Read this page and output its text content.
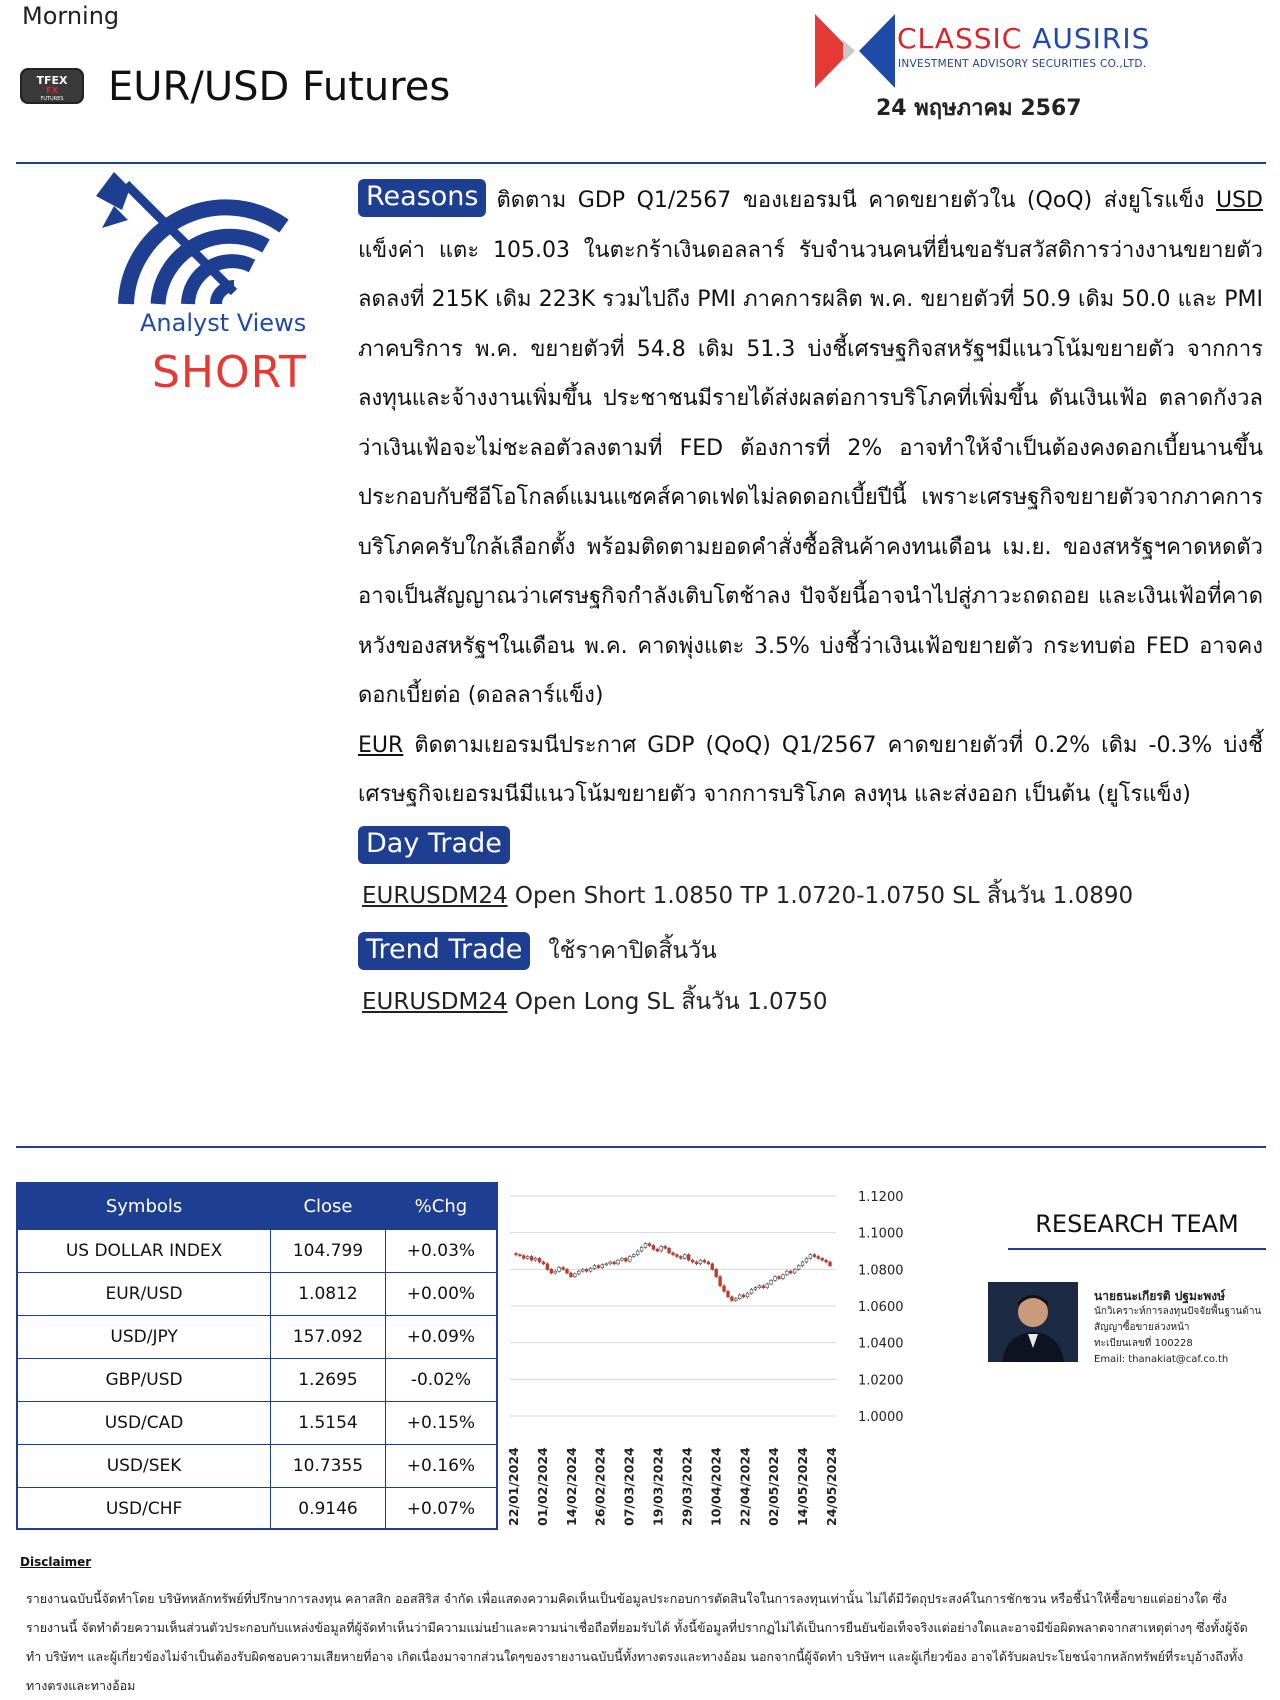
Morning
TFEX
FX
FUTURES EUR/USD Futures
CLASSIC AUSIRIS
INVESTMENT ADVISORY SECURITIES CO.,LTD.
24 พฤษภาคม 2567
Analyst Views
SHORT

Reasons ติดตาม GDP Q1/2567 ของเยอรมนี คาดขยายตัวใน (QoQ) ส่งยูโรแข็ง USD แข็งค่า แตะ 105.03 ในตะกร้าเงินดอลลาร์ รับจำนวนคนที่ยื่นขอรับสวัสดิการว่างงานขยายตัวลดลงที่ 215K เดิม 223K รวมไปถึง PMI ภาคการผลิต พ.ค. ขยายตัวที่ 50.9 เดิม 50.0 และ PMI ภาคบริการ พ.ค. ขยายตัวที่ 54.8 เดิม 51.3 บ่งชี้เศรษฐกิจสหรัฐฯมีแนวโน้มขยายตัว จากการลงทุนและจ้างงานเพิ่มขึ้น ประชาชนมีรายได้ส่งผลต่อการบริโภคที่เพิ่มขึ้น ดันเงินเฟ้อ ตลาดกังวลว่าเงินเฟ้อจะไม่ชะลอตัวลงตามที่ FED ต้องการที่ 2% อาจทำให้จำเป็นต้องคงดอกเบี้ยนานขึ้น ประกอบกับซีอีโอโกลด์แมนแซคส์คาดเฟดไม่ลดดอกเบี้ยปีนี้ เพราะเศรษฐกิจขยายตัวจากภาคการบริโภคครับใกล้เลือกตั้ง พร้อมติดตามยอดคำสั่งซื้อสินค้าคงทนเดือน เม.ย. ของสหรัฐฯคาดหดตัวอาจเป็นสัญญาณว่าเศรษฐกิจกำลังเติบโตช้าลง ปัจจัยนี้อาจนำไปสู่ภาวะถดถอย และเงินเฟ้อที่คาดหวังของสหรัฐฯในเดือน พ.ค. คาดพุ่งแตะ 3.5% บ่งชี้ว่าเงินเฟ้อขยายตัว กระทบต่อ FED อาจคงดอกเบี้ยต่อ (ดอลลาร์แข็ง)

EUR ติดตามเยอรมนีประกาศ GDP (QoQ) Q1/2567 คาดขยายตัวที่ 0.2% เดิม -0.3% บ่งชี้เศรษฐกิจเยอรมนีมีแนวโน้มขยายตัว จากการบริโภค ลงทุน และส่งออก เป็นต้น (ยูโรแข็ง)

Day Trade
EURUSDM24 Open Short 1.0850 TP 1.0720-1.0750 SL สิ้นวัน 1.0890
Trend Trade	ใช้ราคาปิดสิ้นวัน
EURUSDM24 Open Long SL สิ้นวัน 1.0750
Symbols	Close	%Chg
US DOLLAR INDEX	104.799	+0.03%
EUR/USD	1.0812	+0.00%
USD/JPY	157.092	+0.09%
GBP/USD	1.2695	-0.02%
USD/CAD	1.5154	+0.15%
USD/SEK	10.7355	+0.16%
USD/CHF	0.9146	+0.07%
1.1200
1.1000
1.0800
1.0600
1.0400
1.0200
1.0000
22/01/2024 01/02/2024 14/02/2024 26/02/2024 07/03/2024 19/03/2024 29/03/2024 10/04/2024 22/04/2024 02/05/2024 14/05/2024 24/05/2024
RESEARCH TEAM
นายธนะเกียรติ ปฐมะพงษ์
นักวิเคราะห์การลงทุนปัจจัยพื้นฐานด้านสัญญาซื้อขายล่วงหน้า
ทะเบียนเลขที่ 100228
Email: thanakiat@caf.co.th
Disclaimer
รายงานฉบับนี้จัดทำโดย บริษัทหลักทรัพย์ที่ปรึกษาการลงทุน คลาสสิก ออสสิริส จำกัด เพื่อแสดงความคิดเห็นเป็นข้อมูลประกอบการตัดสินใจในการลงทุนเท่านั้น ไม่ได้มีวัตถุประสงค์ในการชักชวน หรือชี้นำให้ซื้อขายแต่อย่างใด ซึ่งรายงานนี้ จัดทำด้วยความเห็นส่วนตัวประกอบกับแหล่งข้อมูลที่ผู้จัดทำเห็นว่ามีความแม่นยำและความน่าเชื่อถือที่ยอมรับได้ ทั้งนี้ข้อมูลที่ปรากฏไม่ได้เป็นการยืนยันข้อเท็จจริงแต่อย่างใดและอาจมีข้อผิดพลาดจากสาเหตุต่างๆ ซึ่งทั้งผู้จัดทำ บริษัทฯ และผู้เกี่ยวข้องไม่จำเป็นต้องรับผิดชอบความเสียหายที่อาจ เกิดเนื่องมาจากส่วนใดๆของรายงานฉบับนี้ทั้งทางตรงและทางอ้อม นอกจากนี้ผู้จัดทำ บริษัทฯ และผู้เกี่ยวข้อง อาจได้รับผลประโยชน์จากหลักทรัพย์ที่ระบุอ้างถึงทั้งทางตรงและทางอ้อม
